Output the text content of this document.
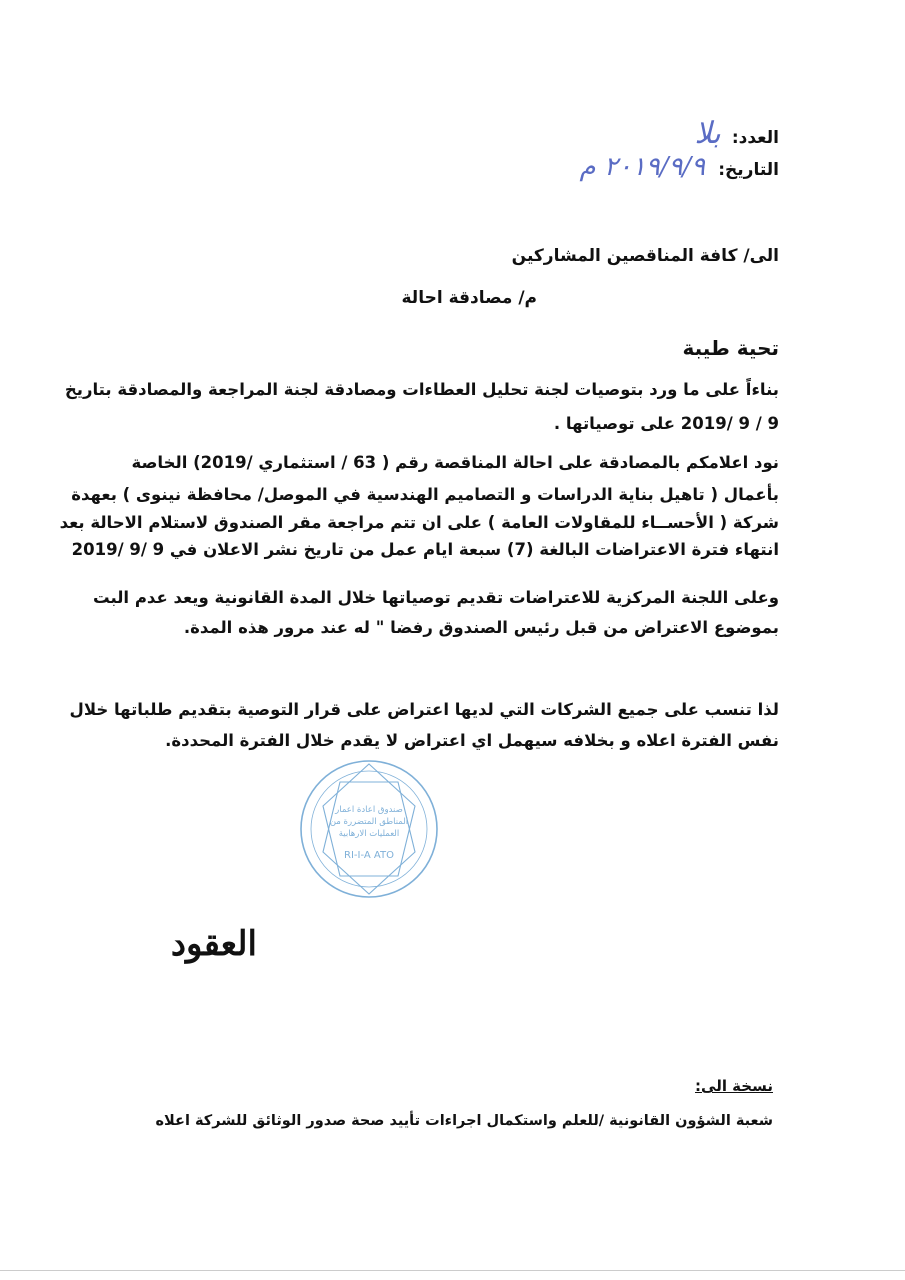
العدد: بلا
التاريخ: ٢٠١٩/٩/٩ م
الى/ كافة المناقصين المشاركين
م/ مصادقة احالة
تحية طيبة
بناءاً على ما ورد بتوصيات لجنة تحليل العطاءات ومصادقة لجنة المراجعة والمصادقة بتاريخ
9 / 9 /2019 على توصياتها .
نود اعلامكم بالمصادقة على احالة المناقصة رقم ( 63 / استثماري /2019) الخاصة
بأعمال ( تاهيل بناية الدراسات و التصاميم الهندسية في الموصل/ محافظة نينوى ) بعهدة
شركة ( الأحســاء للمقاولات العامة ) على ان تتم مراجعة مقر الصندوق لاستلام الاحالة بعد
انتهاء فترة الاعتراضات البالغة (7) سبعة ايام عمل من تاريخ نشر الاعلان في 9 /9 /2019
وعلى اللجنة المركزية للاعتراضات تقديم توصياتها خلال المدة القانونية ويعد عدم البت
بموضوع الاعتراض من قبل رئيس الصندوق رفضا " له عند مرور هذه المدة.
لذا تنسب على جميع الشركات التي لديها اعتراض على قرار التوصية بتقديم طلباتها خلال
نفس الفترة اعلاه و بخلافه سيهمل اي اعتراض لا يقدم خلال الفترة المحددة.
صندوق اعادة اعمار
المناطق المتضررة من
العمليات الارهابية
RI-I-A ATO
العقود
نسخة الى:
شعبة الشؤون القانونية /للعلم واستكمال اجراءات تأييد صحة صدور الوثائق للشركة اعلاه
